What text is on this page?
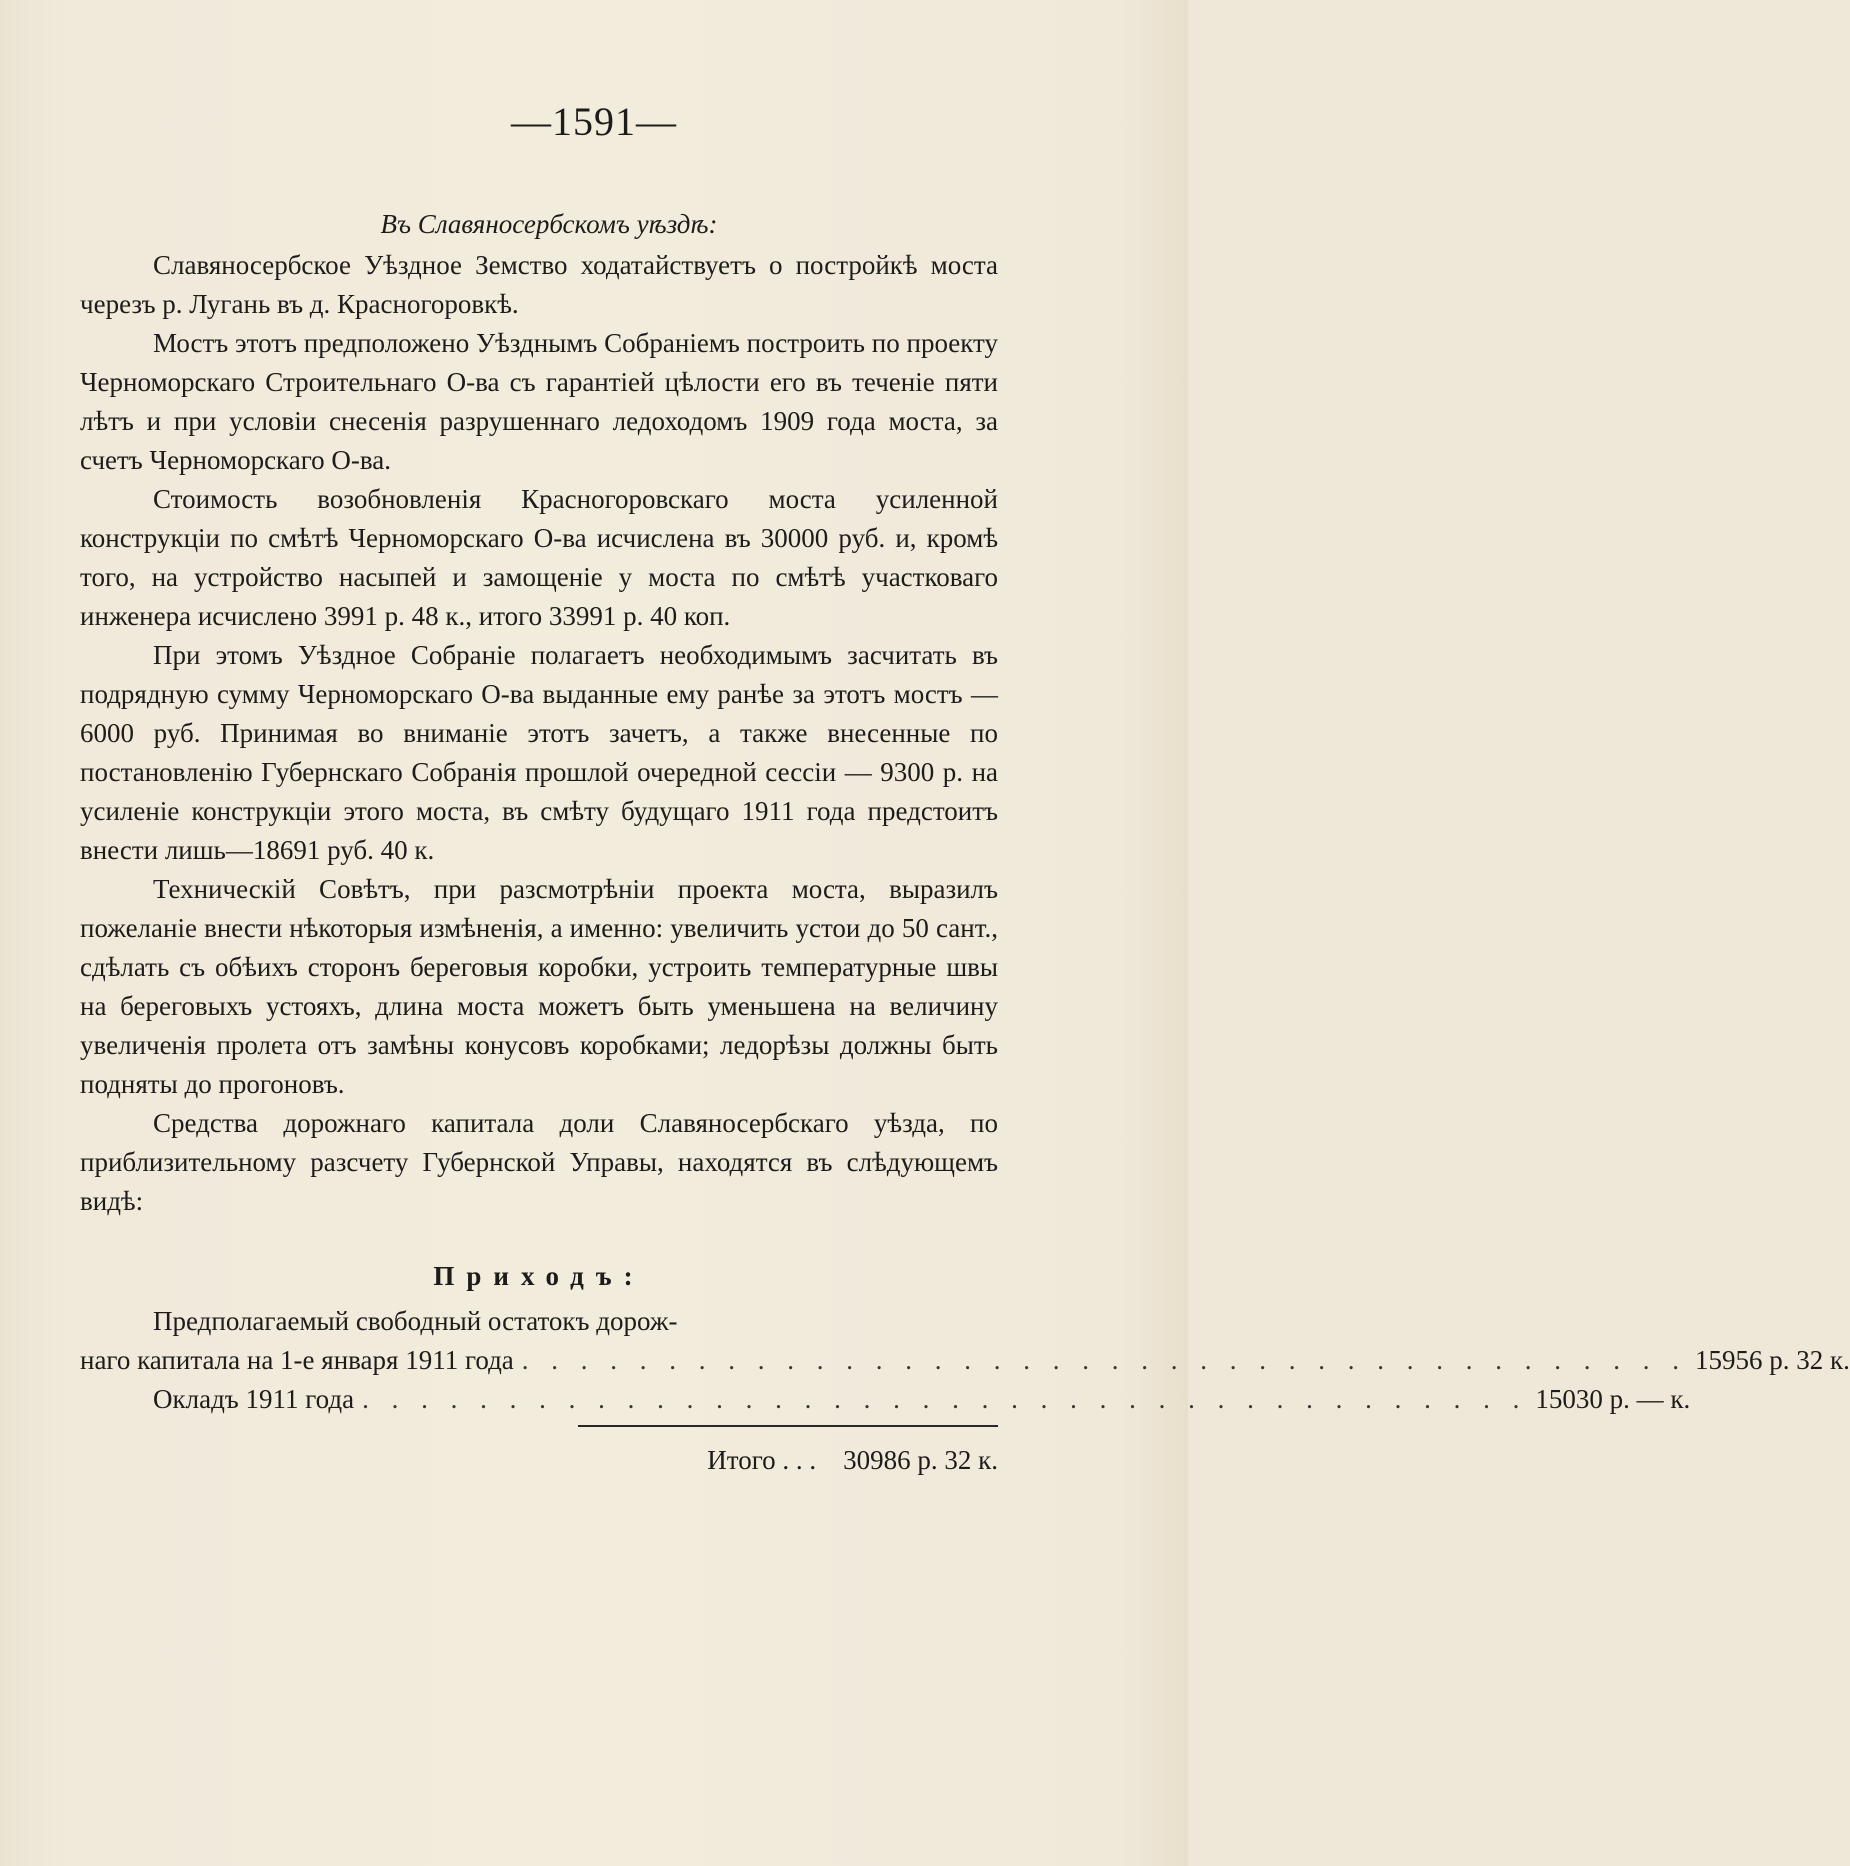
—1591—

Въ Славяносербскомъ уѣздѣ:

Славяносербское Уѣздное Земство ходатайствуетъ о постройкѣ моста черезъ р. Лугань въ д. Красногоровкѣ.

Мостъ этотъ предположено Уѣзднымъ Собраніемъ построить по проекту Черноморскаго Строительнаго О-ва съ гарантіей цѣлости его въ теченіе пяти лѣтъ и при условіи снесенія разрушеннаго ледоходомъ 1909 года моста, за счетъ Черноморскаго О-ва.

Стоимость возобновленія Красногоровскаго моста усиленной конструкціи по смѣтѣ Черноморскаго О-ва исчислена въ 30000 руб. и, кромѣ того, на устройство насыпей и замощеніе у моста по смѣтѣ участковаго инженера исчислено 3991 р. 48 к., итого 33991 р. 40 коп.

При этомъ Уѣздное Собраніе полагаетъ необходимымъ засчитать въ подрядную сумму Черноморскаго О-ва выданные ему ранѣе за этотъ мостъ — 6000 руб. Принимая во вниманіе этотъ зачетъ, а также внесенные по постановленію Губернскаго Собранія прошлой очередной сессіи — 9300 р. на усиленіе конструкціи этого моста, въ смѣту будущаго 1911 года предстоитъ внести лишь—18691 руб. 40 к.

Техническій Совѣтъ, при разсмотрѣніи проекта моста, выразилъ пожеланіе внести нѣкоторыя измѣненія, а именно: увеличить устои до 50 сант., сдѣлать съ обѣихъ сторонъ береговыя коробки, устроить температурные швы на береговыхъ устояхъ, длина моста можетъ быть уменьшена на величину увеличенія пролета отъ замѣны конусовъ коробками; ледорѣзы должны быть подняты до прогоновъ.

Средства дорожнаго капитала доли Славяносербскаго уѣзда, по приблизительному разсчету Губернской Управы, находятся въ слѣдующемъ видѣ:

Приходъ:
Предполагаемый свободный остатокъ дорож-
наго капитала на 1-е января 1911 года . . . . . . . . . . . . . . . . . . . . . . . . . . . . . . . . . . . . . . . . 15956 р. 32 к.
Окладъ 1911 года . . . . . . . . . . . . . . . . . . . . . . . . . . . . . . . . . . . . . . . . 15030 р. — к.
Итого . . . 30986 р. 32 к.
